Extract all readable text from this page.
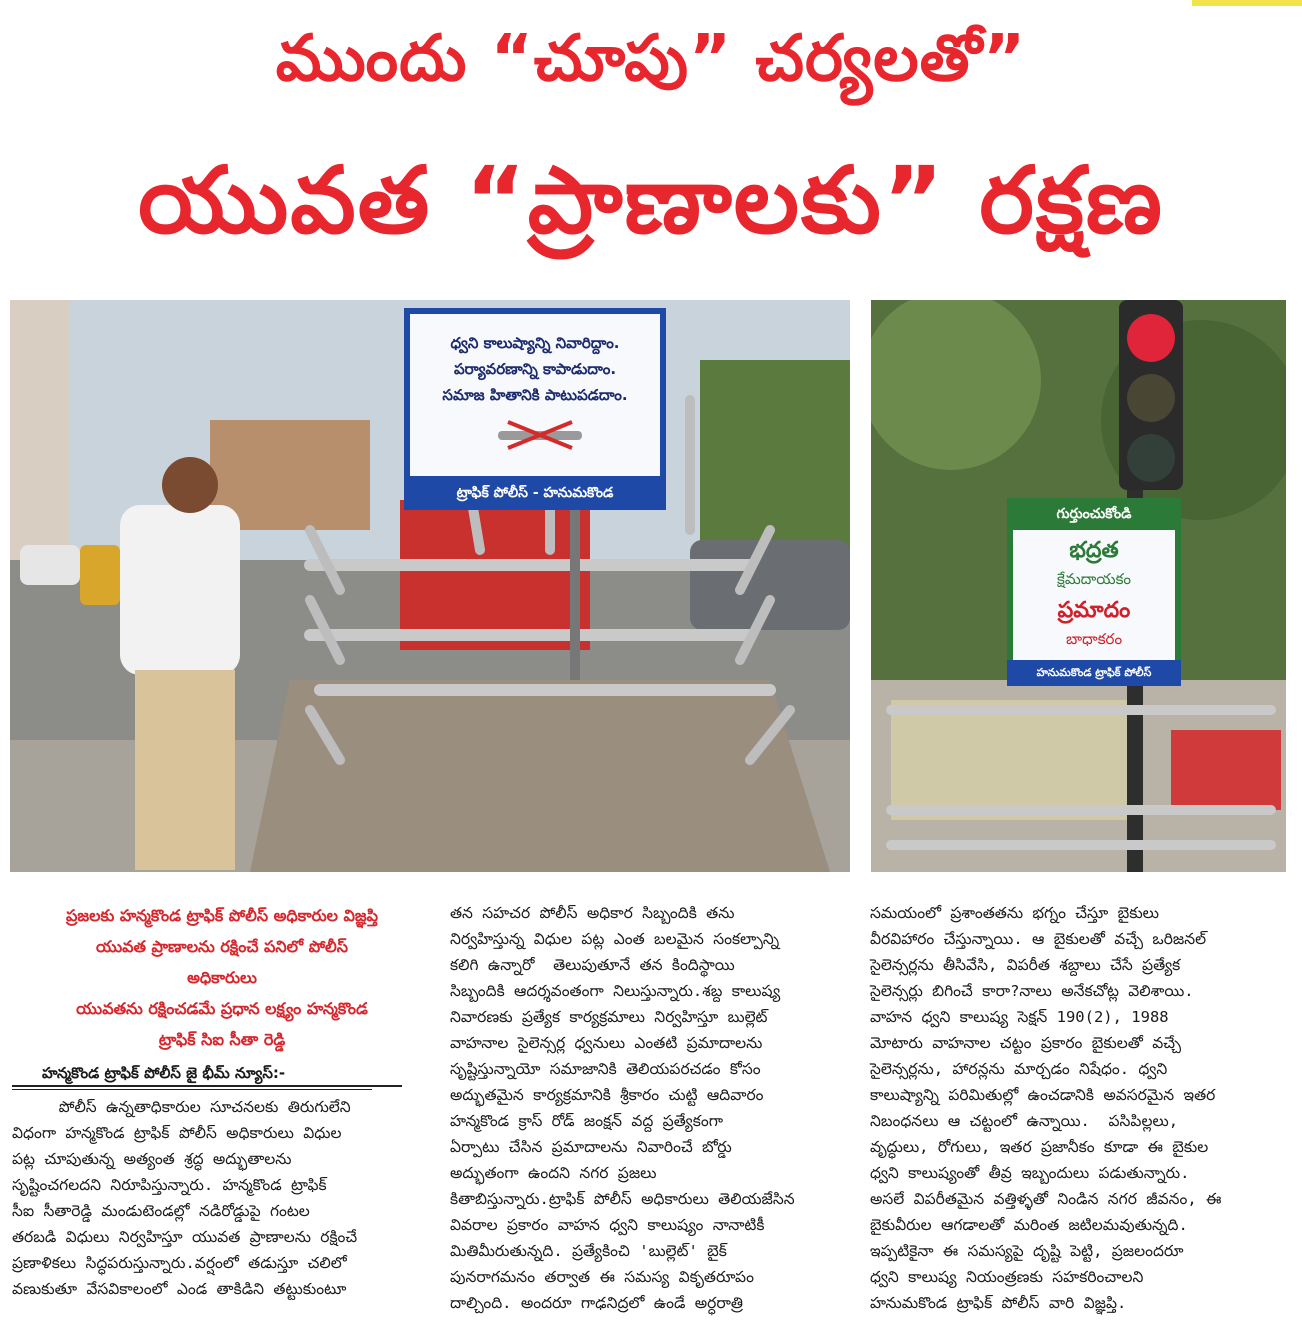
ముందు “చూపు” చర్యలతో”
యువత “ప్రాణాలకు” రక్షణ
ధ్వని కాలుష్యాన్ని నివారిద్దాం.
పర్యావరణాన్ని కాపాడుదాం.
సమాజ హితానికి పాటుపడదాం.
ట్రాఫిక్ పోలీస్ - హనుమకొండ
గుర్తుంచుకోండి
భద్రత
క్షేమదాయకం
ప్రమాదం
బాధాకరం
హనుమకొండ ట్రాఫిక్ పోలీస్

ప్రజలకు హన్మకొండ ట్రాఫిక్ పోలీస్ అధికారుల విజ్ఞప్తి

యువత ప్రాణాలను రక్షించే పనిలో పోలీస్

అధికారులు

యువతను రక్షించడమే ప్రధాన లక్ష్యం హన్మకొండ

ట్రాఫిక్ సిఐ సీతా రెడ్డి

హన్మకొండ ట్రాఫిక్ పోలీస్ జై భీమ్ న్యూస్:-

పోలీస్ ఉన్నతాధికారుల సూచనలకు తిరుగులేని

విధంగా హన్మకొండ ట్రాఫిక్ పోలీస్ అధికారులు విధుల

పట్ల చూపుతున్న అత్యంత శ్రద్ధ అద్భుతాలను

సృష్టించగలదని నిరూపిస్తున్నారు. హన్మకొండ ట్రాఫిక్

సీఐ సీతారెడ్డి మండుటెండల్లో నడిరోడ్డుపై గంటల

తరబడి విధులు నిర్వహిస్తూ యువత ప్రాణాలను రక్షించే

ప్రణాళికలు సిద్ధపరుస్తున్నారు.వర్షంలో తడుస్తూ చలిలో

వణుకుతూ వేసవికాలంలో ఎండ తాకిడిని తట్టుకుంటూ

తన సహచర పోలీస్ అధికార సిబ్బందికి తను

నిర్వహిస్తున్న విధుల పట్ల ఎంత బలమైన సంకల్పాన్ని

కలిగి ఉన్నారో  తెలుపుతూనే తన కిందిస్థాయి

సిబ్బందికి ఆదర్శవంతంగా నిలుస్తున్నారు.శబ్ద కాలుష్య

నివారణకు ప్రత్యేక కార్యక్రమాలు నిర్వహిస్తూ బుల్లెట్

వాహనాల సైలెన్సర్ల ధ్వనులు ఎంతటి ప్రమాదాలను

సృష్టిస్తున్నాయో సమాజానికి తెలియపరచడం కోసం

అద్భుతమైన కార్యక్రమానికి శ్రీకారం చుట్టి ఆదివారం

హన్మకొండ క్రాస్ రోడ్ జంక్షన్ వద్ద ప్రత్యేకంగా

ఏర్పాటు చేసిన ప్రమాదాలను నివారించే బోర్డు

అద్భుతంగా ఉందని నగర ప్రజలు

కితాబిస్తున్నారు.ట్రాఫిక్ పోలీస్ అధికారులు తెలియజేసిన

వివరాల ప్రకారం వాహన ధ్వని కాలుష్యం నానాటికీ

మితిమీరుతున్నది. ప్రత్యేకించి 'బుల్లెట్' బైక్

పునరాగమనం తర్వాత ఈ సమస్య వికృతరూపం

దాల్చింది. అందరూ గాఢనిద్రలో ఉండే అర్ధరాత్రి

సమయంలో ప్రశాంతతను భగ్నం చేస్తూ బైకులు

వీరవిహారం చేస్తున్నాయి. ఆ బైకులతో వచ్చే ఒరిజనల్

సైలెన్సర్లను తీసివేసి, విపరీత శబ్దాలు చేసే ప్రత్యేక

సైలెన్సర్లు బిగించే కారా?నాలు అనేకచోట్ల వెలిశాయి.

వాహన ధ్వని కాలుష్య సెక్షన్ 190(2), 1988

మోటారు వాహనాల చట్టం ప్రకారం బైకులతో వచ్చే

సైలెన్సర్లను, హారన్లను మార్చడం నిషేధం. ధ్వని

కాలుష్యాన్ని పరిమితుల్లో ఉంచడానికి అవసరమైన ఇతర

నిబంధనలు ఆ చట్టంలో ఉన్నాయి.  పసిపిల్లలు,

వృద్ధులు, రోగులు, ఇతర ప్రజానీకం కూడా ఈ బైకుల

ధ్వని కాలుష్యంతో తీవ్ర ఇబ్బందులు పడుతున్నారు.

అసలే విపరీతమైన వత్తిళ్ళతో నిండిన నగర జీవనం, ఈ

బైకువీరుల ఆగడాలతో మరింత జటిలమవుతున్నది.

ఇప్పటికైనా ఈ సమస్యపై దృష్టి పెట్టి, ప్రజలందరూ

ధ్వని కాలుష్య నియంత్రణకు సహకరించాలని

హనుమకొండ ట్రాఫిక్ పోలీస్ వారి విజ్ఞప్తి.
